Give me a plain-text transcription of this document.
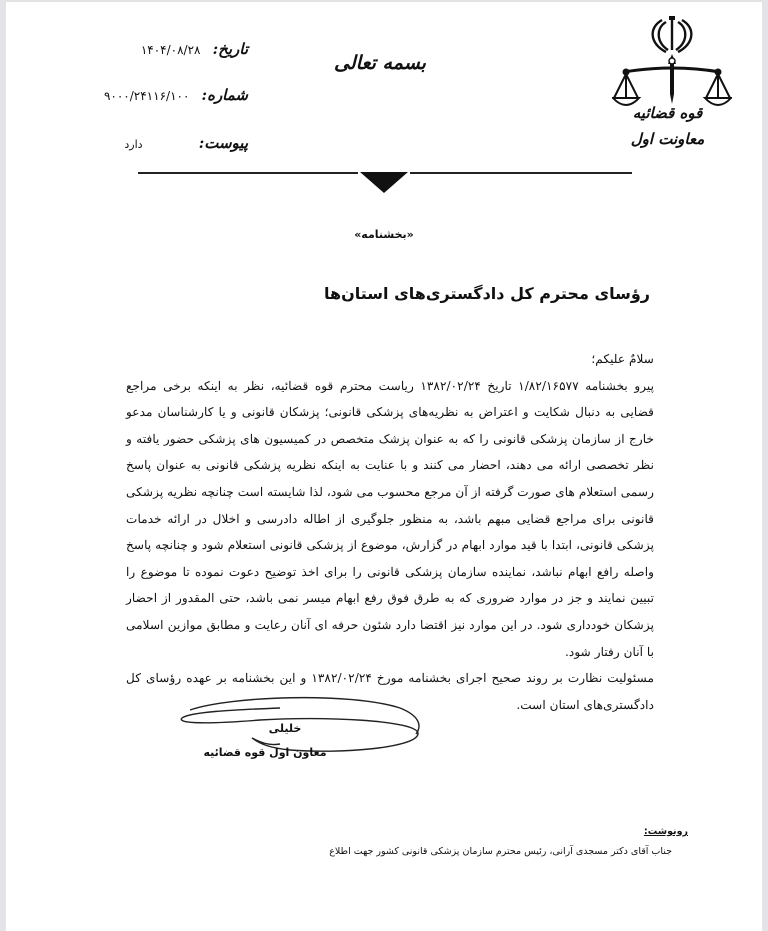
قوه قضائیه
معاونت اول
بسمه تعالی
تاریخ: ۱۴۰۴/۰۸/۲۸
شماره: ۹۰۰۰/۲۴۱۱۶/۱۰۰
پیوست: دارد
«بخشنامه»
رؤسای محترم کل دادگستری‌های استان‌ها

سلامٌ علیکم؛

پیرو بخشنامه ۱/۸۲/۱۶۵۷۷ تاریخ ۱۳۸۲/۰۲/۲۴ ریاست محترم قوه قضائیه، نظر به اینکه برخی مراجع قضایی به دنبال شکایت و اعتراض به نظریه‌های پزشکی قانونی؛ پزشکان قانونی و یا کارشناسان مدعو خارج از سازمان پزشکی قانونی را که به عنوان پزشک متخصص در کمیسیون های پزشکی حضور یافته و نظر تخصصی ارائه می دهند، احضار می کنند و با عنایت به اینکه نظریه پزشکی قانونی به عنوان پاسخ رسمی استعلام های صورت گرفته از آن مرجع محسوب می شود، لذا شایسته است چنانچه نظریه پزشکی قانونی برای مراجع قضایی مبهم باشد، به منظور جلوگیری از اطاله دادرسی و اخلال در ارائه خدمات پزشکی قانونی، ابتدا با قید موارد ابهام در گزارش، موضوع از پزشکی قانونی استعلام شود و چنانچه پاسخ واصله رافع ابهام نباشد، نماینده سازمان پزشکی قانونی را برای اخذ توضیح دعوت نموده تا موضوع را تبیین نمایند و جز در موارد ضروری که به طرق فوق رفع ابهام میسر نمی باشد، حتی المقدور از احضار پزشکان خودداری شود. در این موارد نیز اقتضا دارد شئون حرفه ای آنان رعایت و مطابق موازین اسلامی با آنان رفتار شود.

مسئولیت نظارت بر روند صحیح اجرای بخشنامه مورخ ۱۳۸۲/۰۲/۲۴ و این بخشنامه بر عهده رؤسای کل دادگستری‌های استان است.

خلیلی
معاون اول قوه قضائیه
رونوشت:
جناب آقای دکتر مسجدی آرانی، رئیس محترم سازمان پزشکی قانونی کشور جهت اطلاع
